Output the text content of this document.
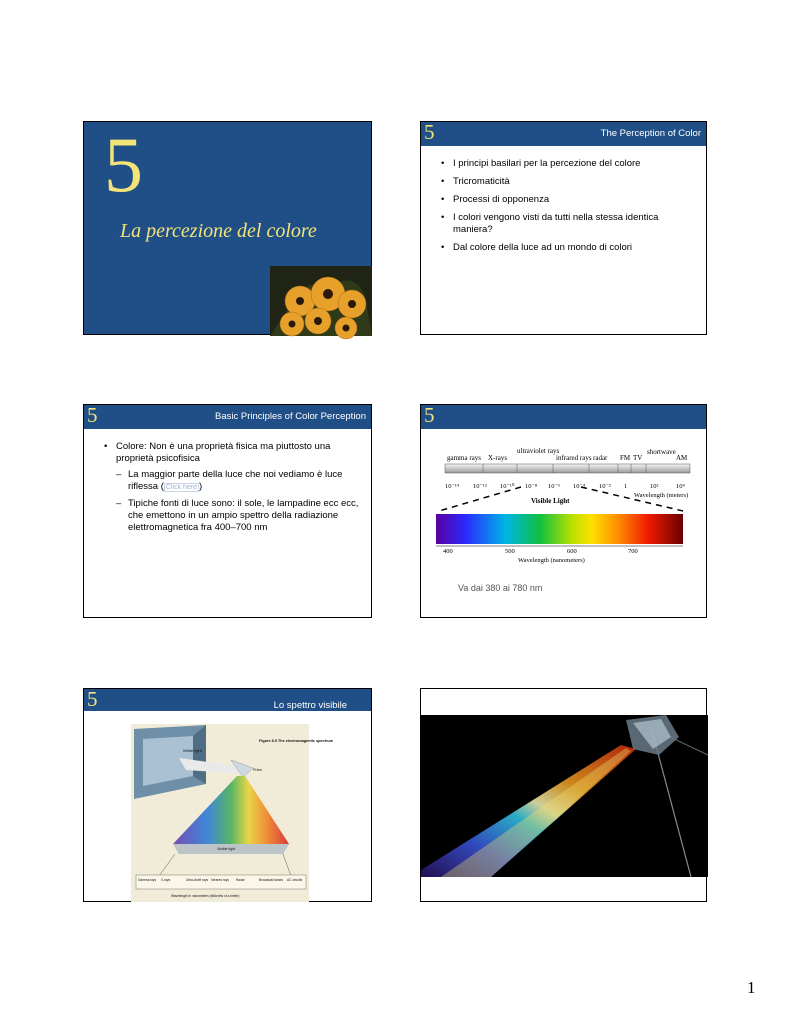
5
La percezione del colore
5	The Perception of Color
• I principi basilari per la percezione del colore
• Tricromaticità
• Processi di opponenza
• I colori vengono visti da tutti nella stessa identica maniera?
• Dal colore della luce ad un mondo di colori
5	Basic Principles of Color Perception
• Colore: Non è una proprietà fisica ma piuttosto una proprietà psicofisica
– La maggior parte della luce che noi vediamo è luce riflessa ( Click here )
– Tipiche fonti di luce sono: il sole, le lampadine ecc ecc, che emettono in un ampio spettro della radiazione elettromagnetica fra 400–700 nm
5
gamma rays X-rays
ultraviolet rays
infrared rays radar FM TV
shortwave
AM
10⁻¹⁴ 10⁻¹² 10⁻¹⁰ 10⁻⁸ 10⁻⁶ 10⁻⁴ 10⁻² 1	10²	10⁴
Wavelength (meters)
Visible Light
400	500	600	700
Wavelength (nanometers)
Va dai 380 ai 780 nm
5	Lo spettro visibile
White light
Prism
Visible light
Figure 8.9 The electromagnetic spectrum
Gamma rays X-rays	Ultra-violet rays Infrared rays Radar	Broadcast bands AC circuits
Wavelength in nanometers (billionths of a meter)
1
